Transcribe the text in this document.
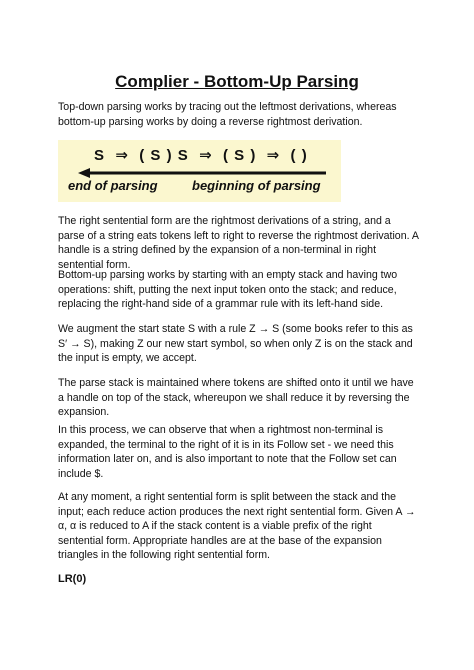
Complier - Bottom-Up Parsing

Top-down parsing works by tracing out the leftmost derivations, whereas bottom-up parsing works by doing a reverse rightmost derivation.

S  ⇒  ( S ) S  ⇒  ( S )  ⇒  ( )
end of parsing	beginning of parsing

The right sentential form are the rightmost derivations of a string, and a parse of a string eats tokens left to right to reverse the rightmost derivation. A handle is a string defined by the expansion of a non-terminal in right sentential form.

Bottom-up parsing works by starting with an empty stack and having two operations: shift, putting the next input token onto the stack; and reduce, replacing the right-hand side of a grammar rule with its left-hand side.

We augment the start state S with a rule Z → S (some books refer to this as S′ → S), making Z our new start symbol, so when only Z is on the stack and the input is empty, we accept.

The parse stack is maintained where tokens are shifted onto it until we have a handle on top of the stack, whereupon we shall reduce it by reversing the expansion.

In this process, we can observe that when a rightmost non-terminal is expanded, the terminal to the right of it is in its Follow set - we need this information later on, and is also important to note that the Follow set can include $.

At any moment, a right sentential form is split between the stack and the input; each reduce action produces the next right sentential form. Given A → α, α is reduced to A if the stack content is a viable prefix of the right sentential form. Appropriate handles are at the base of the expansion triangles in the following right sentential form.

LR(0)
